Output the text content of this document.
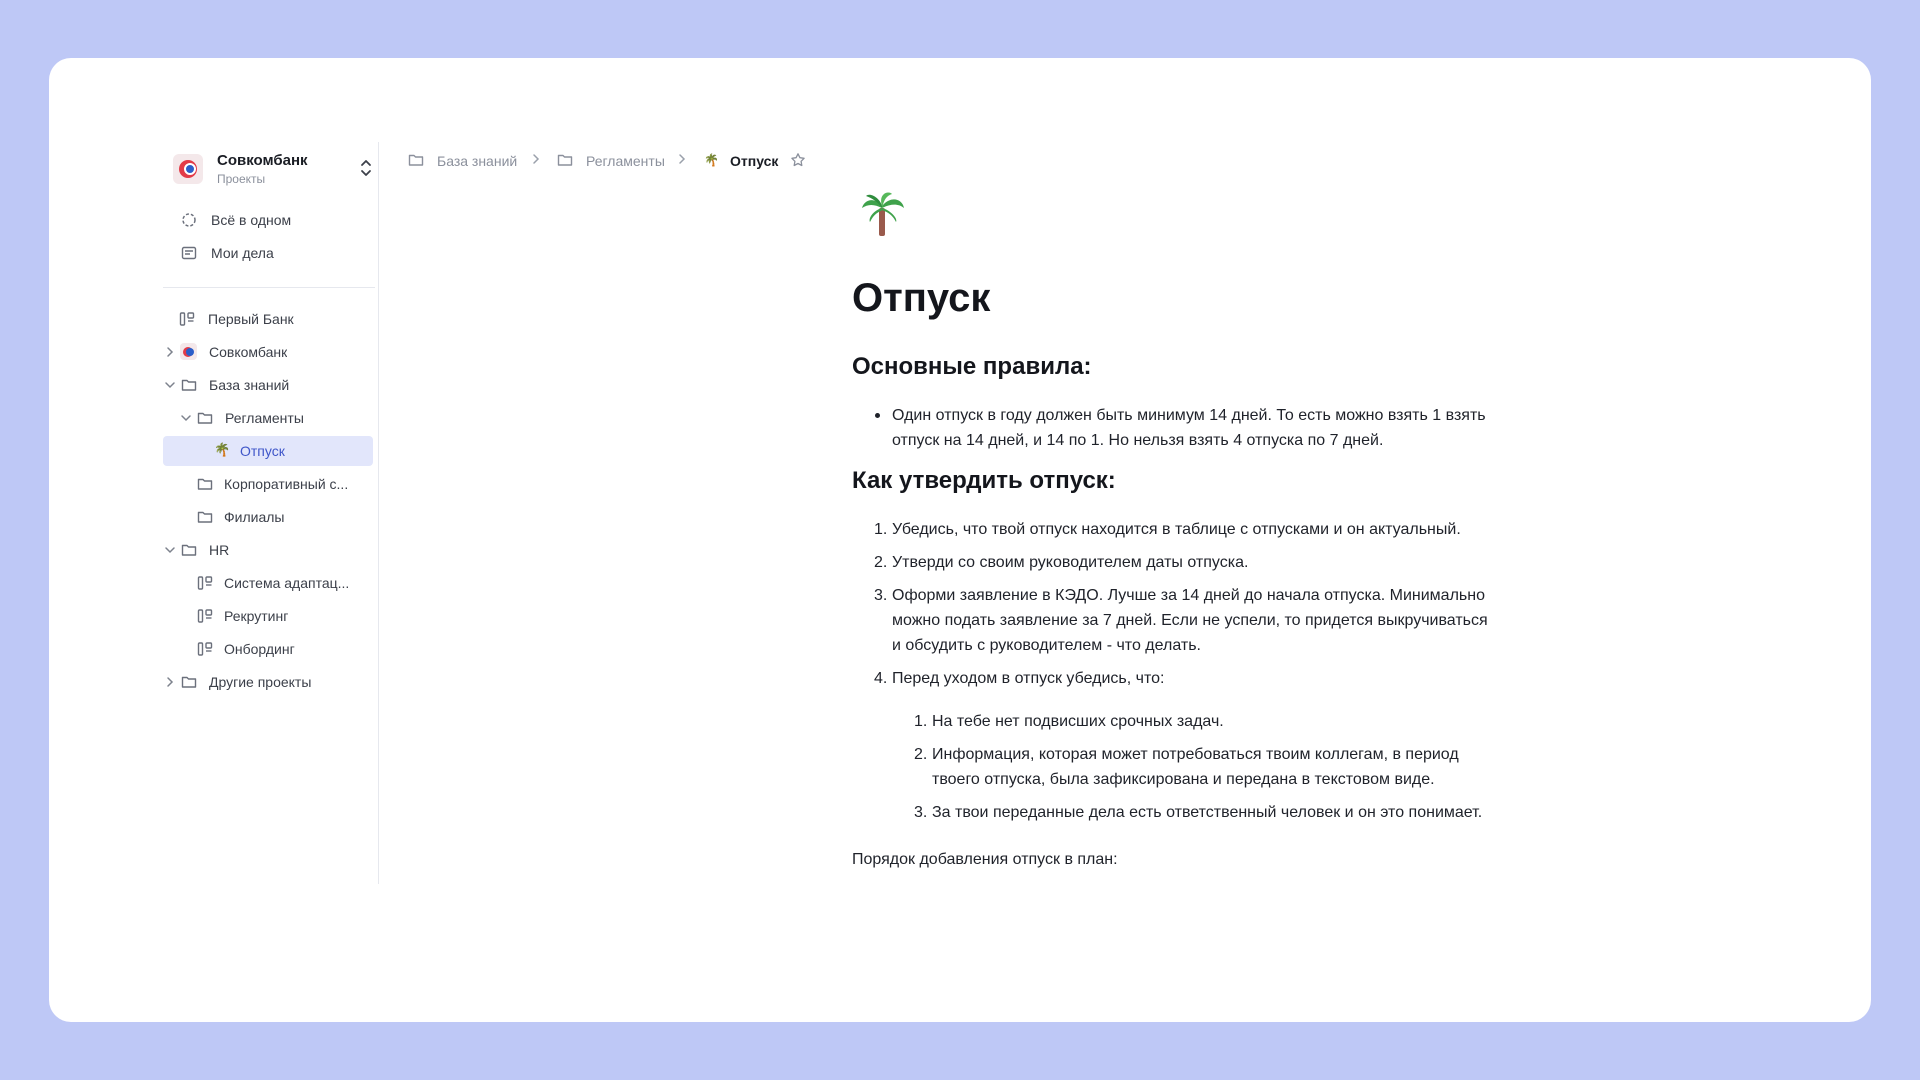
Совкомбанк
Проекты
Всё в одном
Мои дела
Первый Банк
Совкомбанк
База знаний
Регламенты
🌴 Отпуск
Корпоративный с...
Филиалы
HR
Система адаптац...
Рекрутинг
Онбординг
Другие проекты
База знаний	Регламенты	🌴 Отпуск
Отпуск
Основные правила:

Один отпуск в году должен быть минимум 14 дней. То есть можно взять 1 взять

отпуск на 14 дней, и 14 по 1. Но нельзя взять 4 отпуска по 7 дней.

Как утвердить отпуск:
1. Убедись, что твой отпуск находится в таблице с отпусками и он актуальный.

2. Утверди со своим руководителем даты отпуска.

3. Оформи заявление в КЭДО. Лучше за 14 дней до начала отпуска. Минимально

можно подать заявление за 7 дней. Если не успели, то придется выкручиваться

и обсудить с руководителем - что делать.

4. Перед уходом в отпуск убедись, что:

1. На тебе нет подвисших срочных задач.

2. Информация, которая может потребоваться твоим коллегам, в период

твоего отпуска, была зафиксирована и передана в текстовом виде.

3. За твои переданные дела есть ответственный человек и он это понимает.

Порядок добавления отпуск в план:
